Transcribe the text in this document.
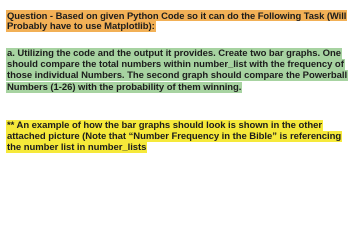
Question - Based on given Python Code so it can do the Following Task (Will
Probably have to use Matplotlib):
a. Utilizing the code and the output it provides. Create two bar graphs. One
should compare the total numbers within number_list with the frequency of
those individual Numbers. The second graph should compare the Powerball
Numbers (1-26) with the probability of them winning.
** An example of how the bar graphs should look is shown in the other
attached picture (Note that “Number Frequency in the Bible” is referencing
the number list in number_lists
